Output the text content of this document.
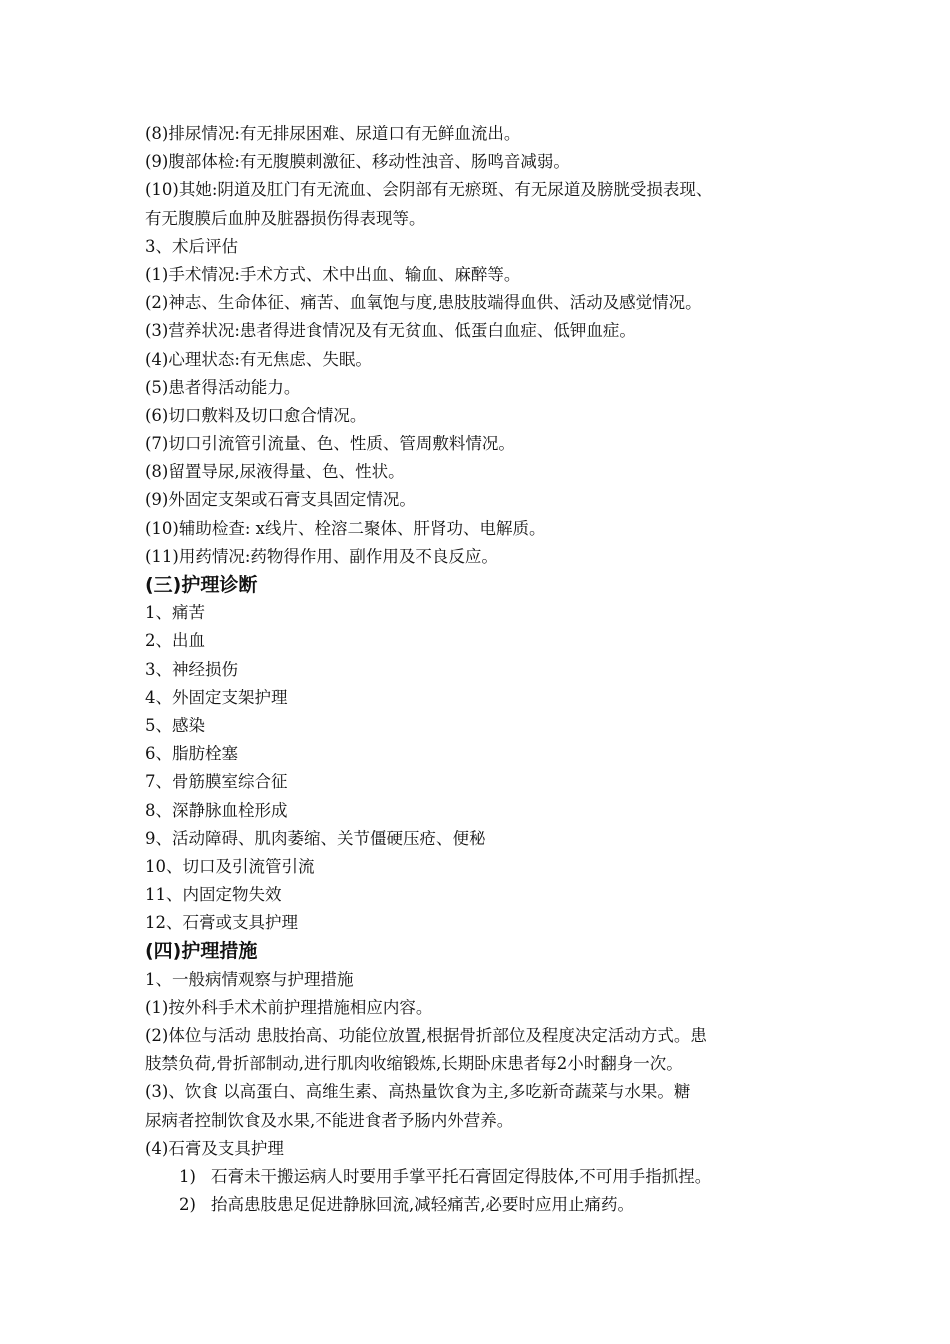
(8)排尿情况:有无排尿困难、尿道口有无鲜血流出。
(9)腹部体检:有无腹膜刺激征、移动性浊音、肠鸣音减弱。
(10)其她:阴道及肛门有无流血、会阴部有无瘀斑、有无尿道及膀胱受损表现、
有无腹膜后血肿及脏器损伤得表现等。
3、术后评估
(1)手术情况:手术方式、术中出血、输血、麻醉等。
(2)神志、生命体征、痛苦、血氧饱与度,患肢肢端得血供、活动及感觉情况。
(3)营养状况:患者得进食情况及有无贫血、低蛋白血症、低钾血症。
(4)心理状态:有无焦虑、失眠。
(5)患者得活动能力。
(6)切口敷料及切口愈合情况。
(7)切口引流管引流量、色、性质、管周敷料情况。
(8)留置导尿,尿液得量、色、性状。
(9)外固定支架或石膏支具固定情况。
(10)辅助检查: x线片、栓溶二聚体、肝肾功、电解质。
(11)用药情况:药物得作用、副作用及不良反应。
(三)护理诊断
1、痛苦
2、出血
3、神经损伤
4、外固定支架护理
5、感染
6、脂肪栓塞
7、骨筋膜室综合征
8、深静脉血栓形成
9、活动障碍、肌肉萎缩、关节僵硬压疮、便秘
10、切口及引流管引流
11、内固定物失效
12、石膏或支具护理
(四)护理措施
1、一般病情观察与护理措施
(1)按外科手术术前护理措施相应内容。
(2)体位与活动 患肢抬高、功能位放置,根据骨折部位及程度决定活动方式。患
肢禁负荷,骨折部制动,进行肌肉收缩锻炼,长期卧床患者每2小时翻身一次。
(3)、饮食 以高蛋白、高维生素、高热量饮食为主,多吃新奇蔬菜与水果。糖
尿病者控制饮食及水果,不能进食者予肠内外营养。
(4)石膏及支具护理
1) 石膏未干搬运病人时要用手掌平托石膏固定得肢体,不可用手指抓捏。
2) 抬高患肢患足促进静脉回流,减轻痛苦,必要时应用止痛药。
